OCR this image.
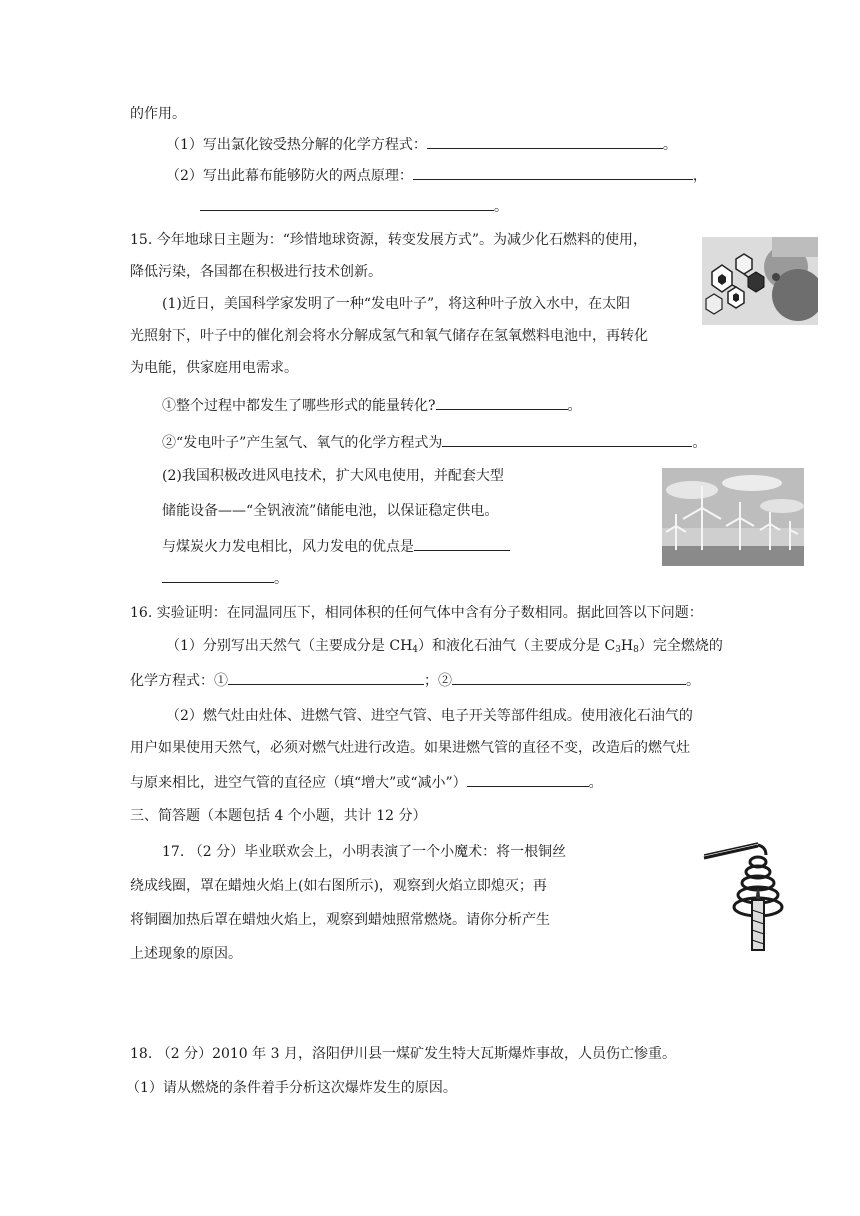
的作用。
（1）写出氯化铵受热分解的化学方程式：	。
（2）写出此幕布能够防火的两点原理：	，
。
15. 今年地球日主题为：“珍惜地球资源，转变发展方式”。为减少化石燃料的使用，
降低污染，各国都在积极进行技术创新。
(1)近日，美国科学家发明了一种“发电叶子”，将这种叶子放入水中，在太阳
光照射下，叶子中的催化剂会将水分解成氢气和氧气储存在氢氧燃料电池中，再转化
为电能，供家庭用电需求。
①整个过程中都发生了哪些形式的能量转化?	。
②“发电叶子”产生氢气、氧气的化学方程式为	。
(2)我国积极改进风电技术，扩大风电使用，并配套大型
储能设备——“全钒液流”储能电池，以保证稳定供电。
与煤炭火力发电相比，风力发电的优点是
。
16. 实验证明：在同温同压下，相同体积的任何气体中含有分子数相同。据此回答以下问题：
（1）分别写出天然气（主要成分是 $CH_4$）和液化石油气（主要成分是 $C_3H_8$）完全燃烧的
化学方程式：①	；②	。
（2）燃气灶由灶体、进燃气管、进空气管、电子开关等部件组成。使用液化石油气的
用户如果使用天然气，必须对燃气灶进行改造。如果进燃气管的直径不变，改造后的燃气灶
与原来相比，进空气管的直径应（填“增大”或“减小”）	。
三、简答题（本题包括 4 个小题，共计 12 分）
17. （2 分）毕业联欢会上，小明表演了一个小魔术：将一根铜丝
绕成线圈，罩在蜡烛火焰上(如右图所示)，观察到火焰立即熄灭；再
将铜圈加热后罩在蜡烛火焰上，观察到蜡烛照常燃烧。请你分析产生
上述现象的原因。
18. （2 分）2010 年 3 月，洛阳伊川县一煤矿发生特大瓦斯爆炸事故，人员伤亡惨重。
（1）请从燃烧的条件着手分析这次爆炸发生的原因。
